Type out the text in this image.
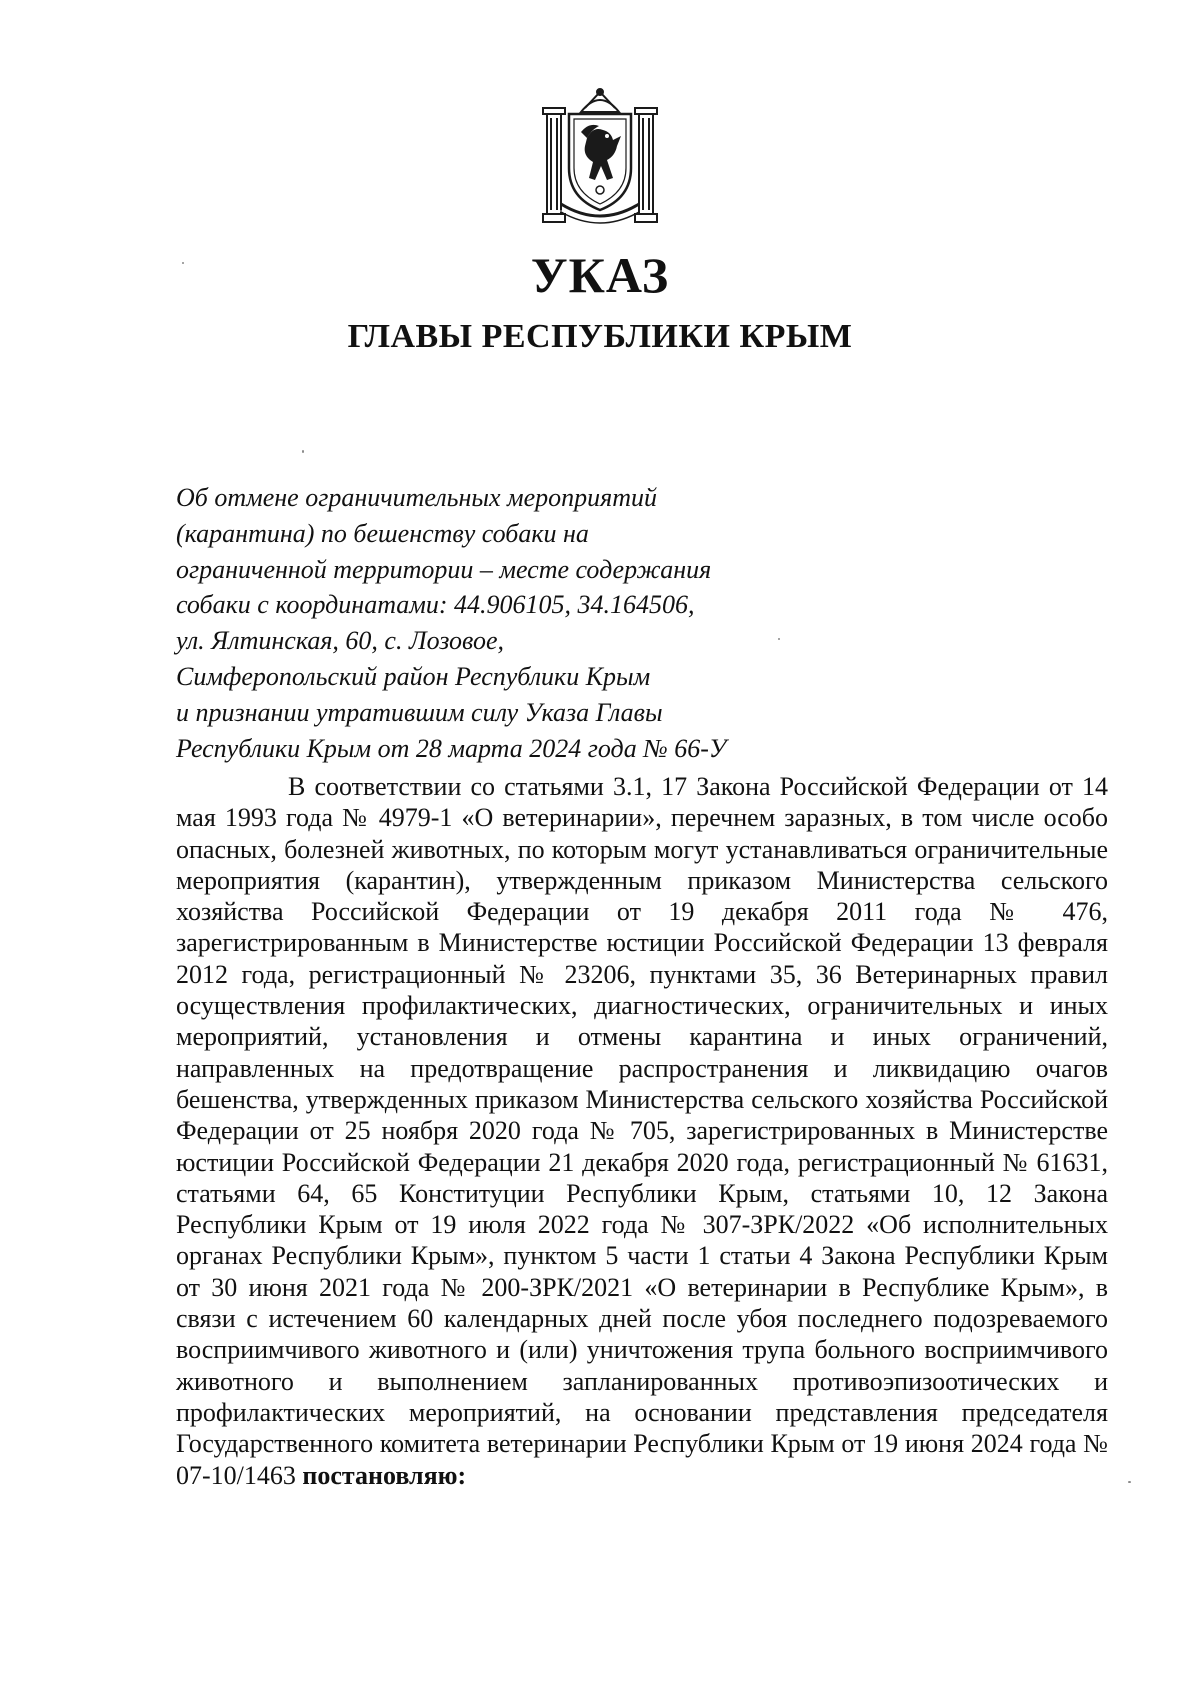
УКАЗ
ГЛАВЫ РЕСПУБЛИКИ КРЫМ
Об отмене ограничительных мероприятий
(карантина) по бешенству собаки на
ограниченной территории – месте содержания
собаки с координатами: 44.906105, 34.164506,
ул. Ялтинская, 60, с. Лозовое,
Симферопольский район Республики Крым
и признании утратившим силу Указа Главы
Республики Крым от 28 марта 2024 года № 66-У

В соответствии со статьями 3.1, 17 Закона Российской Федерации от 14 мая 1993 года № 4979-1 «О ветеринарии», перечнем заразных, в том числе особо опасных, болезней животных, по которым могут устанавливаться ограничительные мероприятия (карантин), утвержденным приказом Министерства сельского хозяйства Российской Федерации от 19 декабря 2011 года № 476, зарегистрированным в Министерстве юстиции Российской Федерации 13 февраля 2012 года, регистрационный № 23206, пунктами 35, 36 Ветеринарных правил осуществления профилактических, диагностических, ограничительных и иных мероприятий, установления и отмены карантина и иных ограничений, направленных на предотвращение распространения и ликвидацию очагов бешенства, утвержденных приказом Министерства сельского хозяйства Российской Федерации от 25 ноября 2020 года № 705, зарегистрированных в Министерстве юстиции Российской Федерации 21 декабря 2020 года, регистрационный № 61631, статьями 64, 65 Конституции Республики Крым, статьями 10, 12 Закона Республики Крым от 19 июля 2022 года № 307-ЗРК/2022 «Об исполнительных органах Республики Крым», пунктом 5 части 1 статьи 4 Закона Республики Крым от 30 июня 2021 года № 200-ЗРК/2021 «О ветеринарии в Республике Крым», в связи с истечением 60 календарных дней после убоя последнего подозреваемого восприимчивого животного и (или) уничтожения трупа больного восприимчивого животного и выполнением запланированных противоэпизоотических и профилактических мероприятий, на основании представления председателя Государственного комитета ветеринарии Республики Крым от 19 июня 2024 года № 07-10/1463 постановляю:
